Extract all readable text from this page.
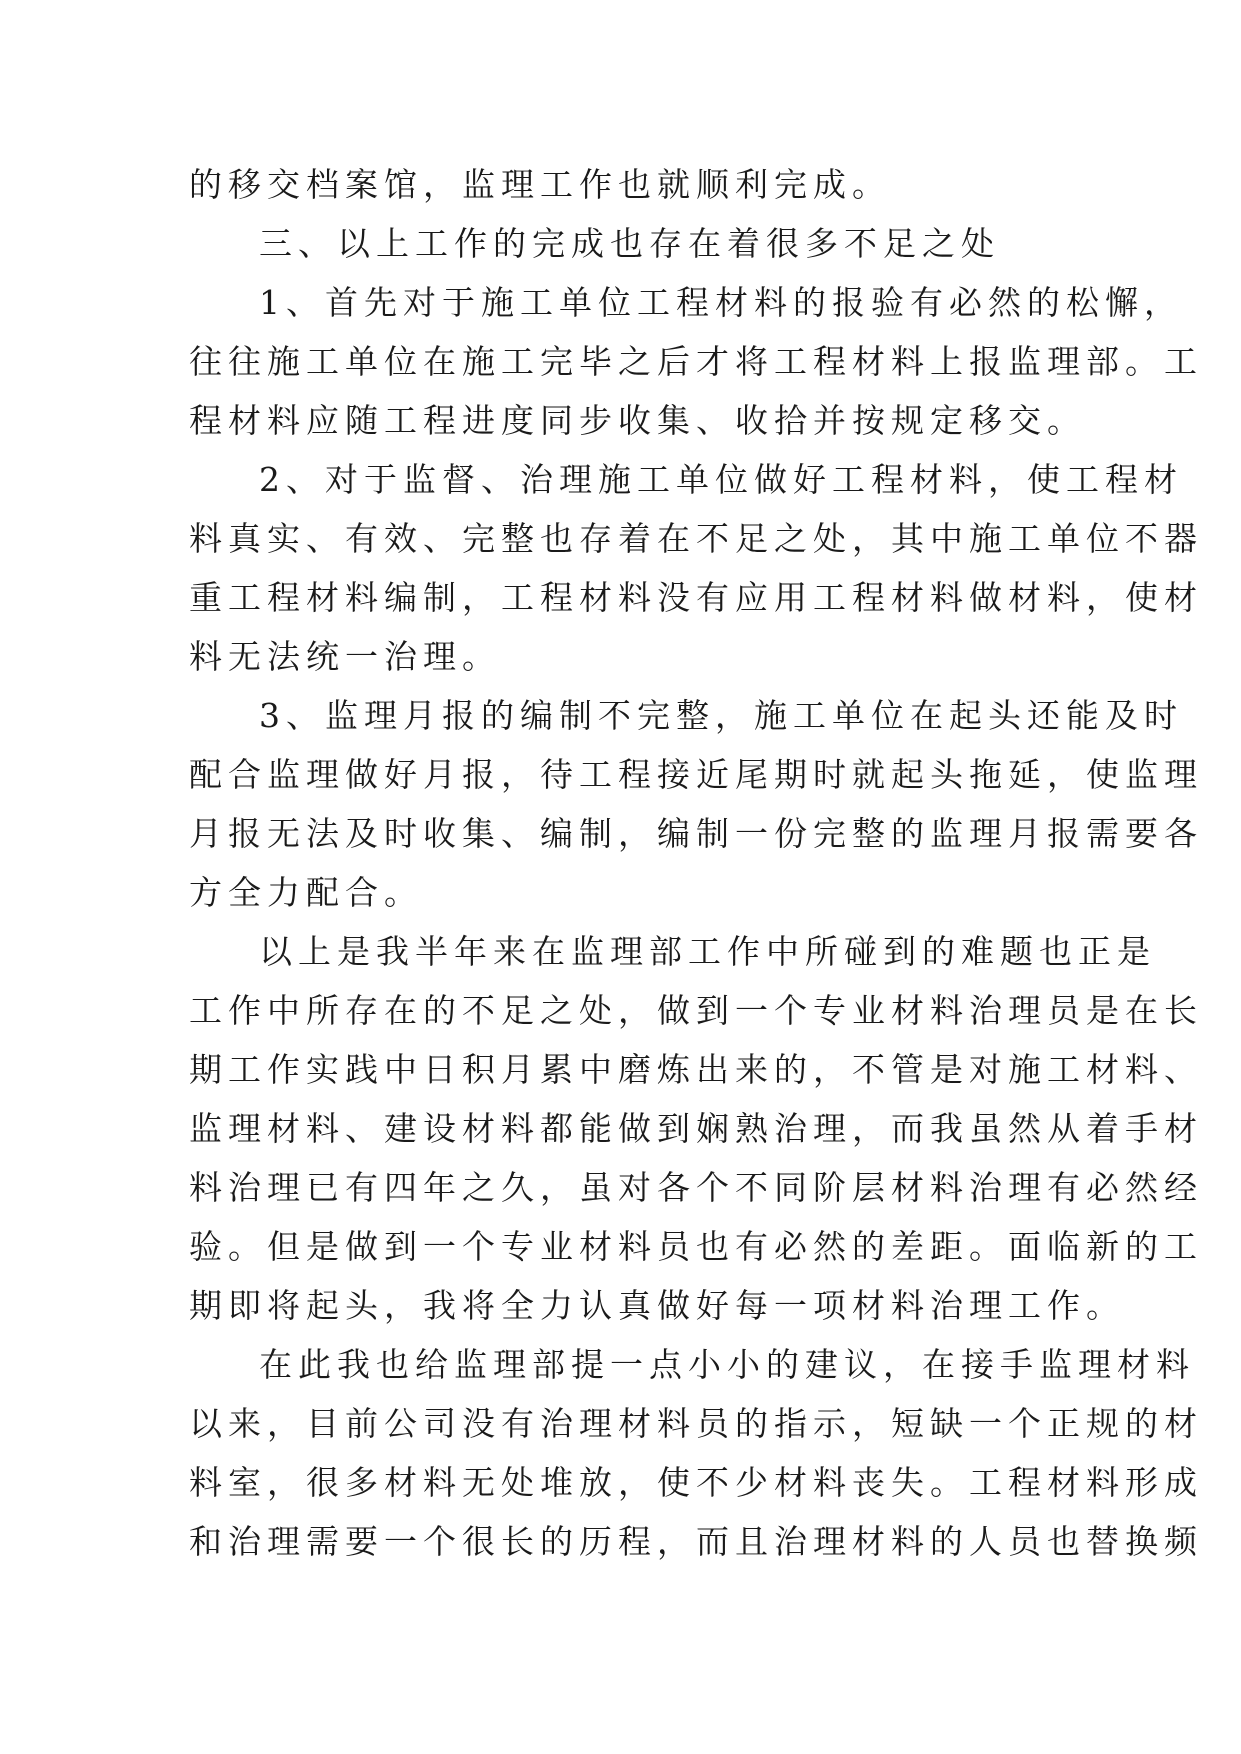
的移交档案馆，监理工作也就顺利完成。

三、以上工作的完成也存在着很多不足之处

1、首先对于施工单位工程材料的报验有必然的松懈，

往往施工单位在施工完毕之后才将工程材料上报监理部。工

程材料应随工程进度同步收集、收拾并按规定移交。

2、对于监督、治理施工单位做好工程材料，使工程材

料真实、有效、完整也存着在不足之处，其中施工单位不器

重工程材料编制，工程材料没有应用工程材料做材料，使材

料无法统一治理。

3、监理月报的编制不完整，施工单位在起头还能及时

配合监理做好月报，待工程接近尾期时就起头拖延，使监理

月报无法及时收集、编制，编制一份完整的监理月报需要各

方全力配合。

以上是我半年来在监理部工作中所碰到的难题也正是

工作中所存在的不足之处，做到一个专业材料治理员是在长

期工作实践中日积月累中磨炼出来的，不管是对施工材料、

监理材料、建设材料都能做到娴熟治理，而我虽然从着手材

料治理已有四年之久，虽对各个不同阶层材料治理有必然经

验。但是做到一个专业材料员也有必然的差距。面临新的工

期即将起头，我将全力认真做好每一项材料治理工作。

在此我也给监理部提一点小小的建议，在接手监理材料

以来，目前公司没有治理材料员的指示，短缺一个正规的材

料室，很多材料无处堆放，使不少材料丧失。工程材料形成

和治理需要一个很长的历程，而且治理材料的人员也替换频
